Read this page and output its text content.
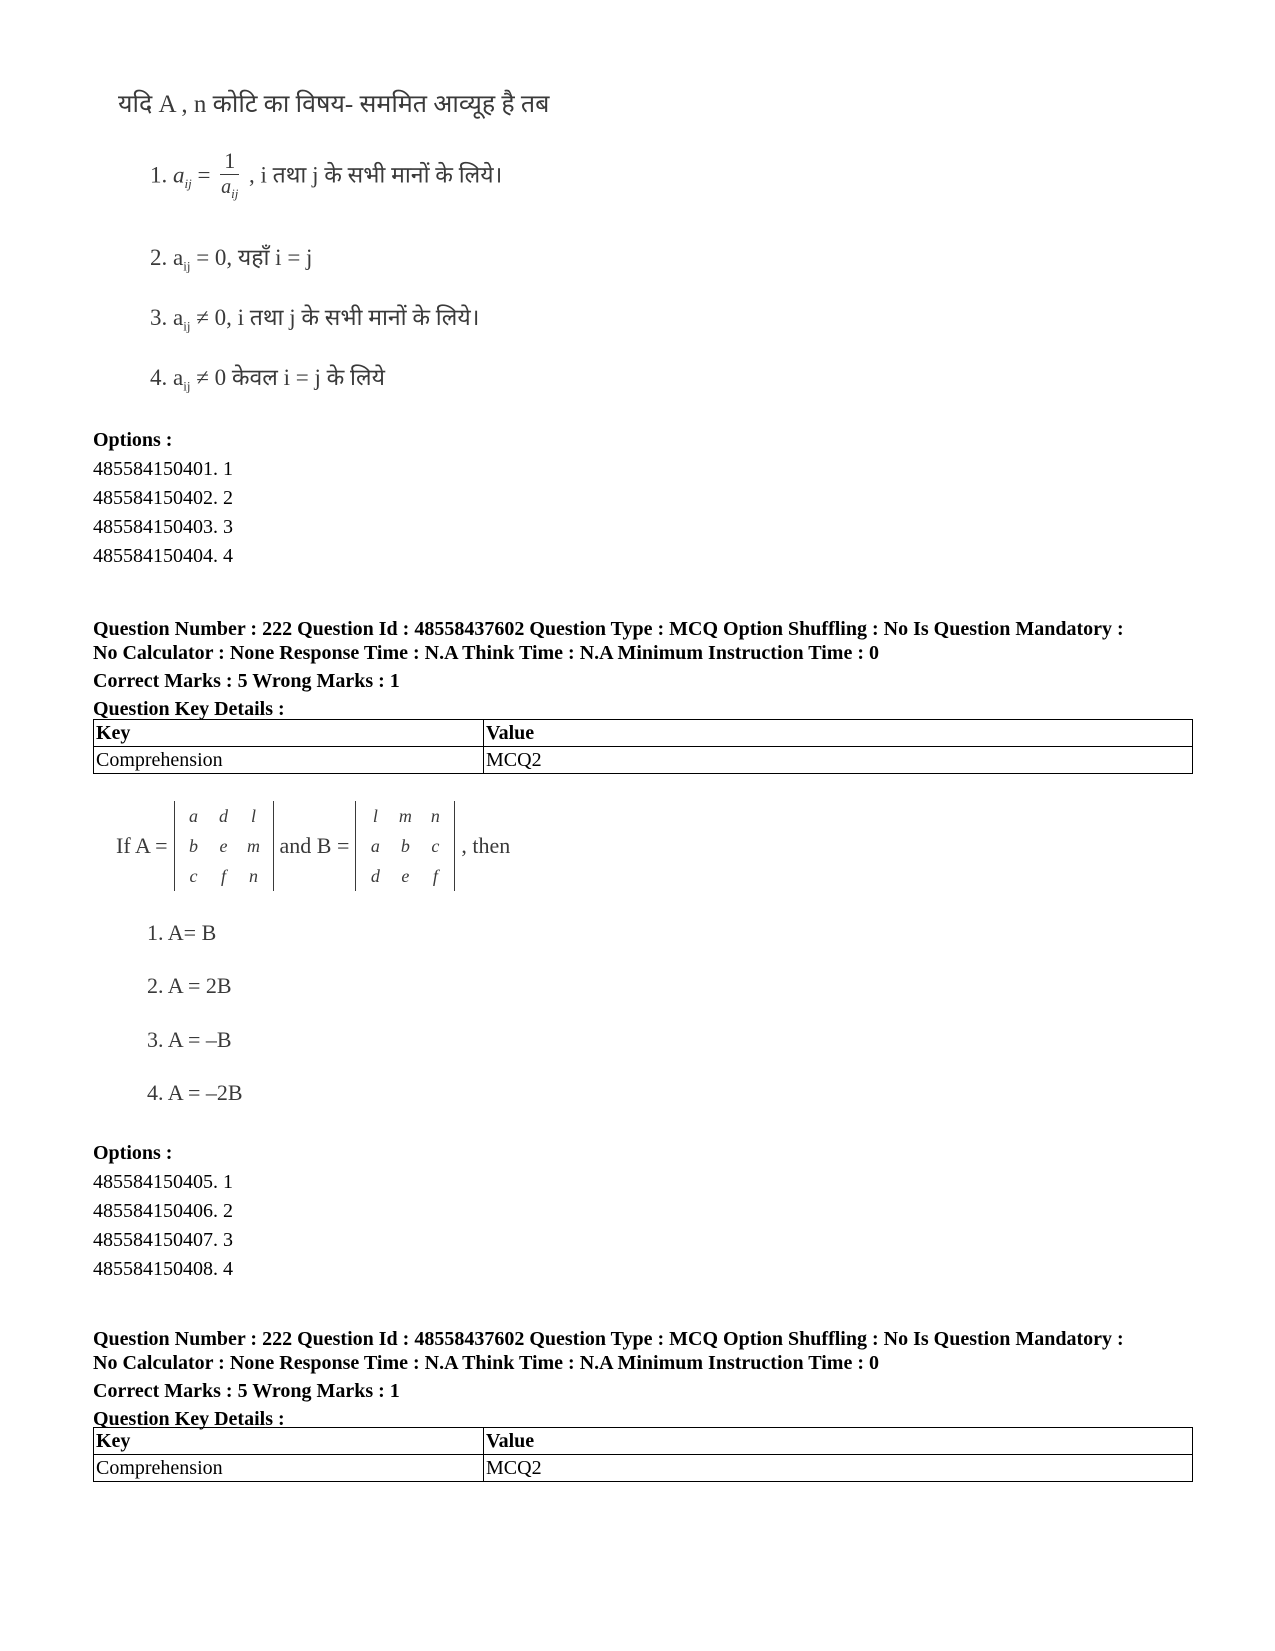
यदि A , n कोटि का विषय- सममित आव्यूह है तब
1. $a_{ij} = \frac{1}{a_{ij}}$ , i तथा j के सभी मानों के लिये।
2. $a_{ij} = 0$, यहाँ i = j
3. $a_{ij} \ne 0$, i तथा j के सभी मानों के लिये।
4. $a_{ij} \ne 0$ केवल i = j के लिये
Options :
485584150401. 1
485584150402. 2
485584150403. 3
485584150404. 4
Question Number : 222 Question Id : 48558437602 Question Type : MCQ Option Shuffling : No Is Question Mandatory :
No Calculator : None Response Time : N.A Think Time : N.A Minimum Instruction Time : 0
Correct Marks : 5 Wrong Marks : 1
Question Key Details :
Key	Value
Comprehension	MCQ2
If A =
a	d	l
b	e	m
c	f	n
and B =
l	m	n
a	b	c
d	e	f
, then
1. A= B
2. A = 2B
3. A = –B
4. A = –2B
Options :
485584150405. 1
485584150406. 2
485584150407. 3
485584150408. 4
Question Number : 222 Question Id : 48558437602 Question Type : MCQ Option Shuffling : No Is Question Mandatory :
No Calculator : None Response Time : N.A Think Time : N.A Minimum Instruction Time : 0
Correct Marks : 5 Wrong Marks : 1
Question Key Details :
Key	Value
Comprehension	MCQ2
